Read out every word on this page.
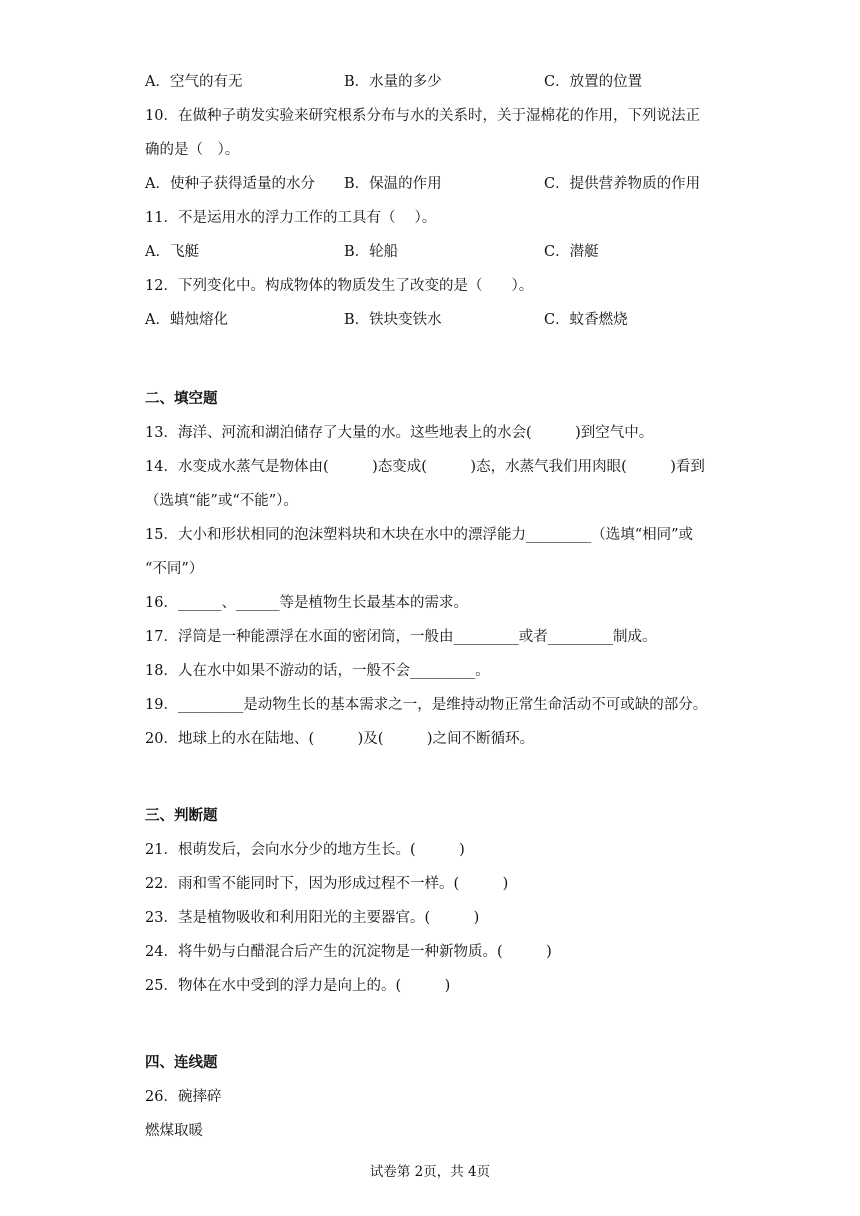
A．空气的有无	B．水量的多少	C．放置的位置
10．在做种子萌发实验来研究根系分布与水的关系时，关于湿棉花的作用，下列说法正
确的是（　）。
A．使种子获得适量的水分 B．保温的作用	C．提供营养物质的作用
11．不是运用水的浮力工作的工具有（　 ）。
A．飞艇	B．轮船	C．潜艇
12．下列变化中。构成物体的物质发生了改变的是（　　）。
A．蜡烛熔化	B．铁块变铁水	C．蚊香燃烧
二、填空题
13．海洋、河流和湖泊储存了大量的水。这些地表上的水会(　　　)到空气中。
14．水变成水蒸气是物体由(　　　)态变成(　　　)态，水蒸气我们用肉眼(　　　)看到
（选填“能”或“不能”）。
15．大小和形状相同的泡沫塑料块和木块在水中的漂浮能力_________（选填“相同”或
“不同”）
16．______、______等是植物生长最基本的需求。
17．浮筒是一种能漂浮在水面的密闭筒，一般由_________或者_________制成。
18．人在水中如果不游动的话，一般不会_________。
19．_________是动物生长的基本需求之一，是维持动物正常生命活动不可或缺的部分。
20．地球上的水在陆地、(　　　)及(　　　)之间不断循环。
三、判断题
21．根萌发后，会向水分少的地方生长。(　　　)
22．雨和雪不能同时下，因为形成过程不一样。(　　　)
23．茎是植物吸收和利用阳光的主要器官。(　　　)
24．将牛奶与白醋混合后产生的沉淀物是一种新物质。(　　　)
25．物体在水中受到的浮力是向上的。(　　　)
四、连线题
26．碗摔碎
燃煤取暖
试卷第 2页，共 4页
